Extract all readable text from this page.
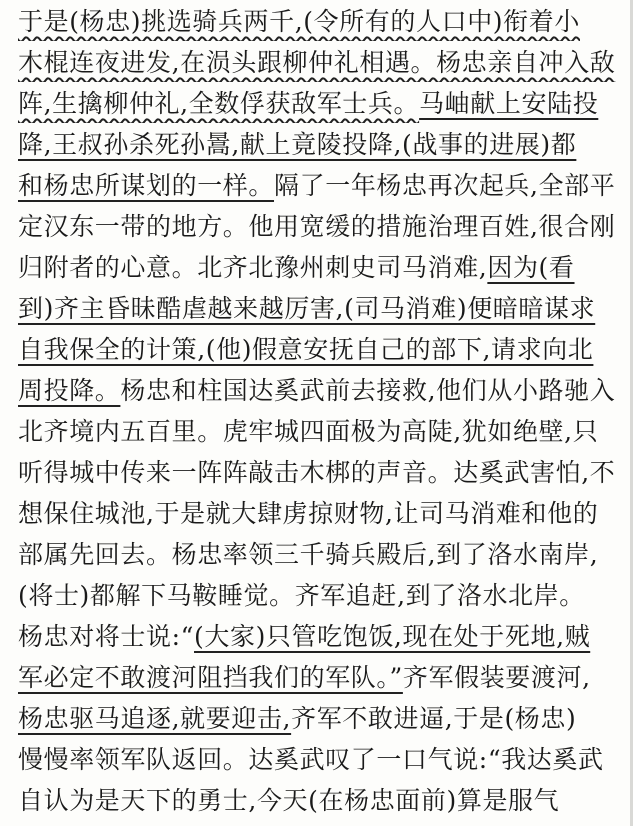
于是(杨忠)挑选骑兵两千,(令所有的人口中)衔着小
木棍连夜进发,在涢头跟柳仲礼相遇。杨忠亲自冲入敌
阵,生擒柳仲礼,全数俘获敌军士兵。马岫献上安陆投
降,王叔孙杀死孙暠,献上竟陵投降,(战事的进展)都
和杨忠所谋划的一样。隔了一年杨忠再次起兵,全部平
定汉东一带的地方。他用宽缓的措施治理百姓,很合刚
归附者的心意。北齐北豫州刺史司马消难,因为(看
到)齐主昏昧酷虐越来越厉害,(司马消难)便暗暗谋求
自我保全的计策,(他)假意安抚自己的部下,请求向北
周投降。杨忠和柱国达奚武前去接救,他们从小路驰入
北齐境内五百里。虎牢城四面极为高陡,犹如绝壁,只
听得城中传来一阵阵敲击木梆的声音。达奚武害怕,不
想保住城池,于是就大肆虏掠财物,让司马消难和他的
部属先回去。杨忠率领三千骑兵殿后,到了洛水南岸,
(将士)都解下马鞍睡觉。齐军追赶,到了洛水北岸。
杨忠对将士说:“(大家)只管吃饱饭,现在处于死地,贼
军必定不敢渡河阻挡我们的军队。”齐军假装要渡河,
杨忠驱马追逐,就要迎击,齐军不敢进逼,于是(杨忠)
慢慢率领军队返回。达奚武叹了一口气说:“我达奚武
自认为是天下的勇士,今天(在杨忠面前)算是服气
